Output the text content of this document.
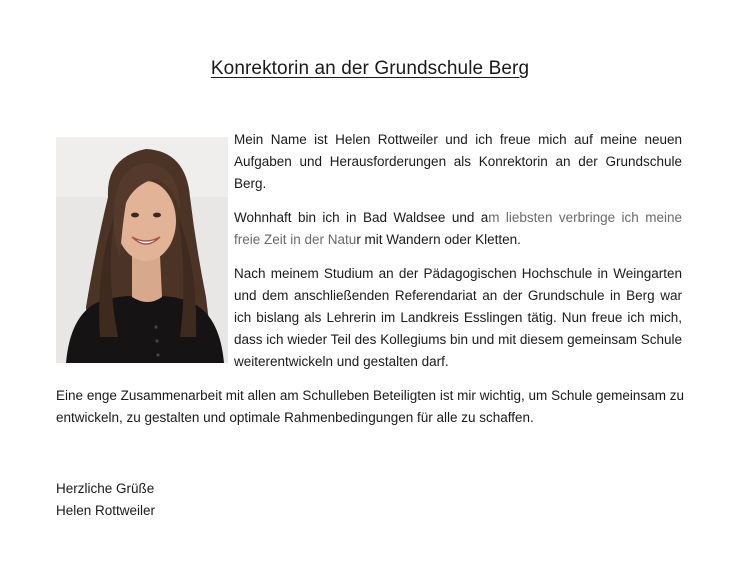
Konrektorin an der Grundschule Berg

Mein Name ist Helen Rottweiler und ich freue mich auf meine neuen Aufgaben und Herausforderungen als Konrektorin an der Grundschule Berg.

Wohnhaft bin ich in Bad Waldsee und am liebsten verbringe ich meine freie Zeit in der Natur mit Wandern oder Kletten.

Nach meinem Studium an der Pädagogischen Hochschule in Weingarten und dem anschließenden Referendariat an der Grundschule in Berg war ich bislang als Lehrerin im Landkreis Esslingen tätig. Nun freue ich mich, dass ich wieder Teil des Kollegiums bin und mit diesem gemeinsam Schule weiterentwickeln und gestalten darf.

Eine enge Zusammenarbeit mit allen am Schulleben Beteiligten ist mir wichtig, um Schule gemeinsam zu entwickeln, zu gestalten und optimale Rahmenbedingungen für alle zu schaffen.

Herzliche Grüße
Helen Rottweiler
